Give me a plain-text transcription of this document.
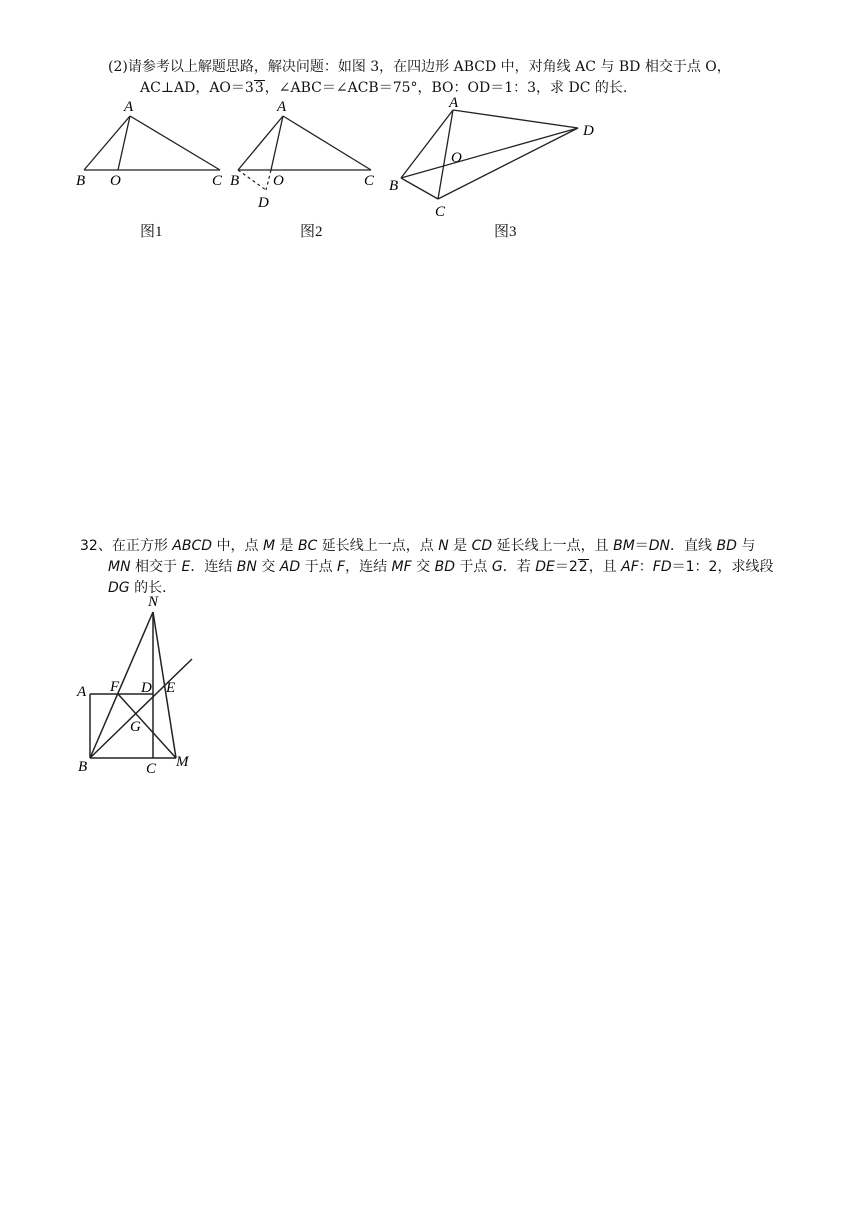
(2)请参考以上解题思路，解决问题：如图 3，在四边形 ABCD 中，对角线 AC 与 BD 相交于点 O，
AC⊥AD，AO＝33，∠ABC＝∠ACB＝75°，BO：OD＝1：3，求 DC 的长.
A
B O	C
图1
A
B O	C
D
图2
A
D
O
B
C
图3
32、在正方形 ABCD 中，点 M 是 BC 延长线上一点，点 N 是 CD 延长线上一点，且 BM＝DN．直线 BD 与
MN 相交于 E．连结 BN 交 AD 于点 F，连结 MF 交 BD 于点 G．若 DE＝22，且 AF：FD＝1：2，求线段
DG 的长．
N
A F D E
G
B	C M
